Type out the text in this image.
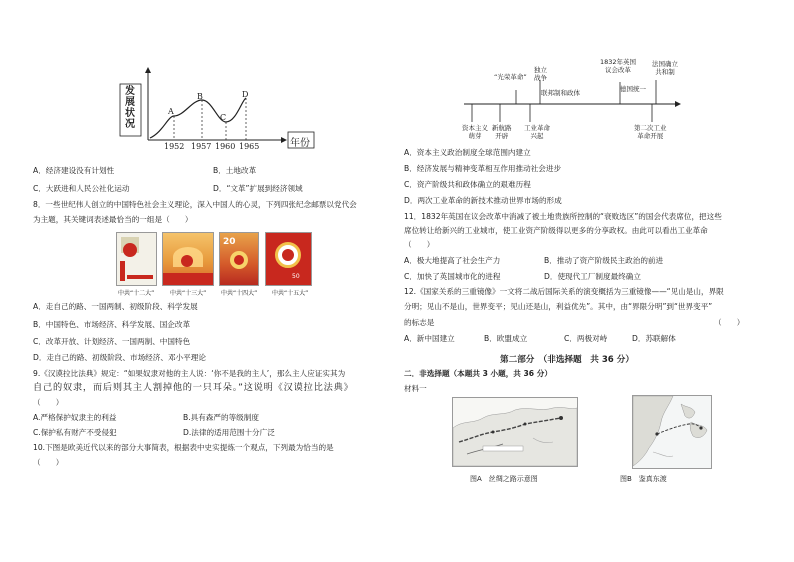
发展状况
年份
A
B
C
D
1952 1957 1960 1965
A．经济建设没有计划性	B．土地改革
C．大跃进和人民公社化运动	D．“文革”扩展到经济领域
8．一些世纪伟人创立的中国特色社会主义理论，深入中国人的心灵，下列四张纪念邮票以党代会
为主题，其关键词表述最恰当的一组是（　　）
20
50
中共“十二大”	中共“十三大” 中共“十四大” 中共“十五大”
A．走自己的路、一国两制、初级阶段、科学发展
B．中国特色、市场经济、科学发展、国企改革
C．改革开放、计划经济、一国两制、中国特色
D．走自己的路、初级阶段、市场经济、邓小平理论
9.《汉谟拉比法典》规定：“如果奴隶对他的主人说：‘你不是我的主人’，那么主人应证实其为
自己的奴隶，而后则其主人割掉他的一只耳朵。”这说明《汉谟拉比法典》
（　　）
A.严格保护奴隶主的利益	B.具有森严的等级制度
C.保护私有财产不受侵犯	D.法律的适用范围十分广泛
10.下图是欧美近代以来的部分大事简表，根据表中史实提炼一个观点，下列最为恰当的是
（　　）
“光荣革命”
独立
战争
1832年英国
议会改革
法国确立
共和制
联邦制和政体	德国统一
资本主义
萌芽
新航路
开辟
工业革命
兴起
第二次工业
革命开展
A．资本主义政治制度全球范围内建立
B．经济发展与精神变革相互作用推动社会进步
C．资产阶级共和政体确立的艰难历程
D．两次工业革命的新技术推动世界市场的形成
11．1832年英国在议会改革中消减了被土地贵族所控制的“衰败选区”的国会代表席位，把这些
席位转让给新兴的工业城市，使工业资产阶级得以更多的分享政权。由此可以看出工业革命
（　　）
A．极大地提高了社会生产力	B．推动了资产阶级民主政治的前进
C．加快了英国城市化的进程	D．使现代工厂制度最终确立
12.《国家关系的三重镜像》一文将二战后国际关系的演变概括为三重镜像——“见山是山，界限
分明；见山不是山，世界变平；见山还是山，利益优先”。其中，由“界限分明”到“世界变平”
的标志是	（　　）
A．新中国建立	B．欧盟成立	C．两极对峙	D．苏联解体
第二部分　（非选择题　共 36 分）
二．非选择题（本题共 3 小题，共 36 分）
材料一
图A　丝绸之路示意图	图B　鉴真东渡
